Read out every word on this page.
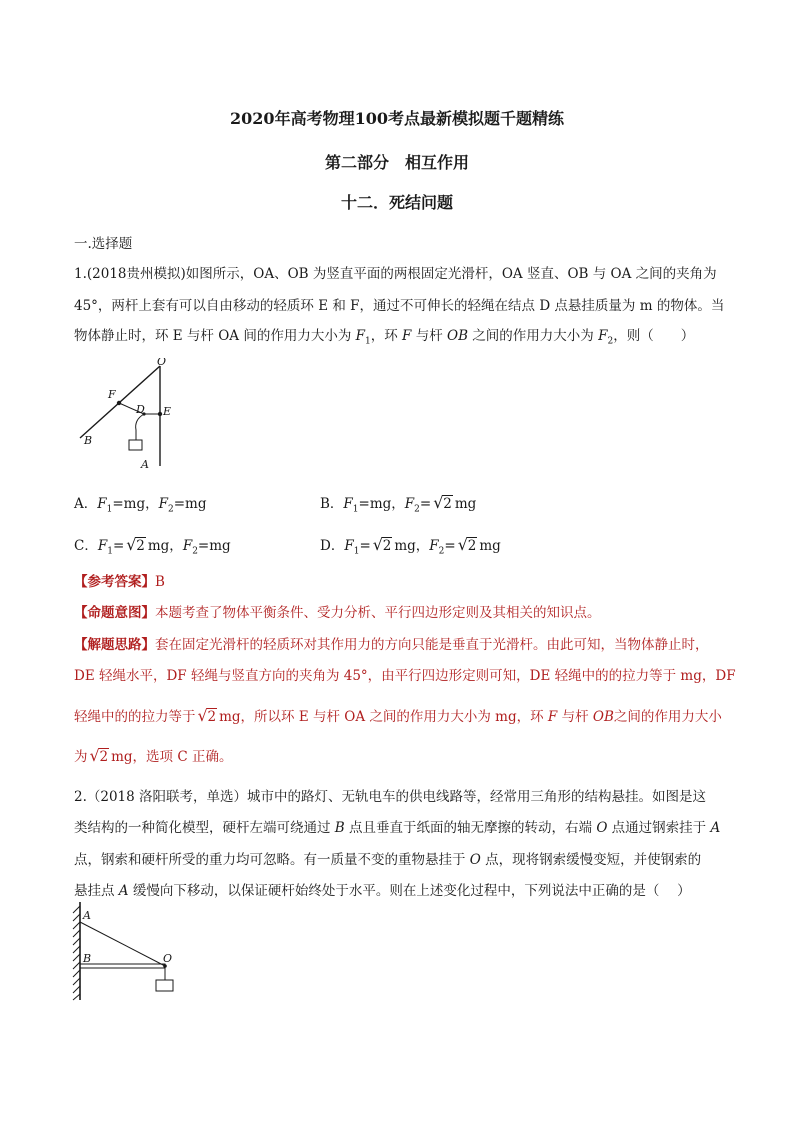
2020年高考物理100考点最新模拟题千题精练
第二部分　相互作用
十二．死结问题
一.选择题
1.(2018贵州模拟)如图所示，OA、OB 为竖直平面的两根固定光滑杆，OA 竖直、OB 与 OA 之间的夹角为
45°，两杆上套有可以自由移动的轻质环 E 和 F，通过不可伸长的轻绳在结点 D 点悬挂质量为 m 的物体。当
物体静止时，环 E 与杆 OA 间的作用力大小为 $F_1$，环 F 与杆 OB 之间的作用力大小为 $F_2$，则（　　）
O
F
D E
B
A
A．$F_1=mg$，$F_2=mg$	B．$F_1=mg$，$F_2=√$ 2 mg
C．$F_1=√$ 2 mg，$F_2=mg$	D．$F_1=√$ 2 mg，$F_2=√$ 2 mg
【参考答案】B
【命题意图】本题考查了物体平衡条件、受力分析、平行四边形定则及其相关的知识点。
【解题思路】套在固定光滑杆的轻质环对其作用力的方向只能是垂直于光滑杆。由此可知，当物体静止时，
DE 轻绳水平，DF 轻绳与竖直方向的夹角为 45°，由平行四边形定则可知，DE 轻绳中的的拉力等于 mg，DF
轻绳中的的拉力等于√ 2 mg，所以环 E 与杆 OA 之间的作用力大小为 mg，环 F 与杆 OB之间的作用力大小
为√ 2 mg，选项 C 正确。
2.（2018 洛阳联考，单选）城市中的路灯、无轨电车的供电线路等，经常用三角形的结构悬挂。如图是这
类结构的一种简化模型，硬杆左端可绕通过 B 点且垂直于纸面的轴无摩擦的转动，右端 O 点通过钢索挂于 A
点，钢索和硬杆所受的重力均可忽略。有一质量不变的重物悬挂于 O 点，现将钢索缓慢变短，并使钢索的
悬挂点 A 缓慢向下移动，以保证硬杆始终处于水平。则在上述变化过程中，下列说法中正确的是（　 ）
A
B	O
